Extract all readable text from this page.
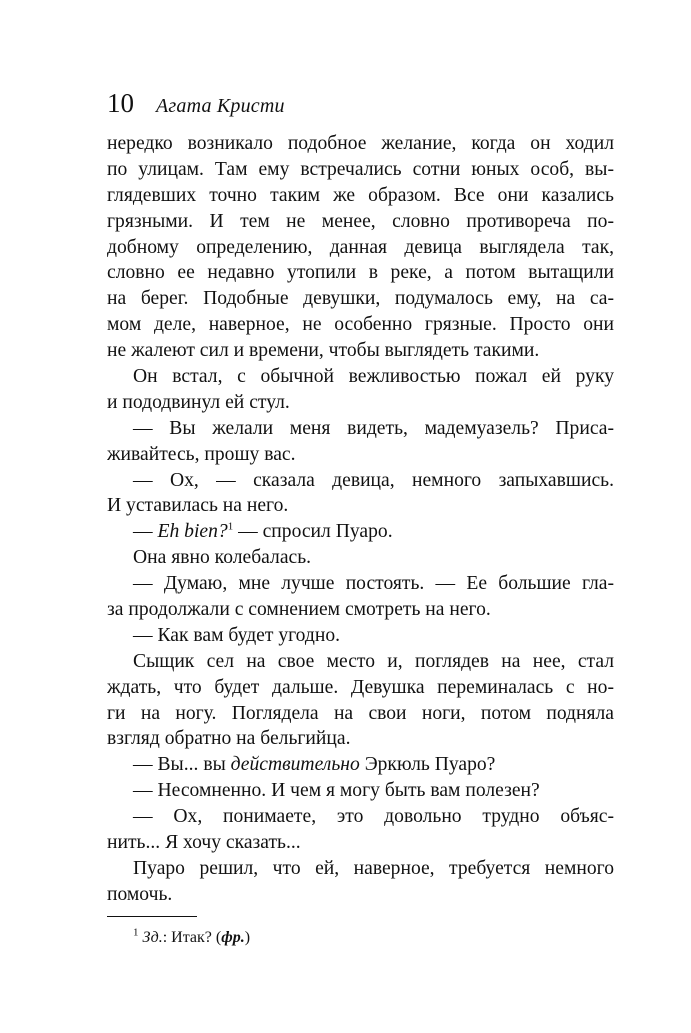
10 Агата Кристи
нередко возникало подобное желание, когда он ходил
по улицам. Там ему встречались сотни юных особ, вы-
глядевших точно таким же образом. Все они казались
грязными. И тем не менее, словно противореча по-
добному определению, данная девица выглядела так,
словно ее недавно утопили в реке, а потом вытащили
на берег. Подобные девушки, подумалось ему, на са-
мом деле, наверное, не особенно грязные. Просто они
не жалеют сил и времени, чтобы выглядеть такими.
Он встал, с обычной вежливостью пожал ей руку
и пододвинул ей стул.
— Вы желали меня видеть, мадемуазель? Приса-
живайтесь, прошу вас.
— Ох, — сказала девица, немного запыхавшись.
И уставилась на него.
— Eh bien?$^1$ — спросил Пуаро.
Она явно колебалась.
— Думаю, мне лучше постоять. — Ее большие гла-
за продолжали с сомнением смотреть на него.
— Как вам будет угодно.
Сыщик сел на свое место и, поглядев на нее, стал
ждать, что будет дальше. Девушка переминалась с но-
ги на ногу. Поглядела на свои ноги, потом подняла
взгляд обратно на бельгийца.
— Вы... вы действительно Эркюль Пуаро?
— Несомненно. И чем я могу быть вам полезен?
— Ох, понимаете, это довольно трудно объяс-
нить... Я хочу сказать...
Пуаро решил, что ей, наверное, требуется немного
помочь.
$^1$ Зд.: Итак? (фр.)
